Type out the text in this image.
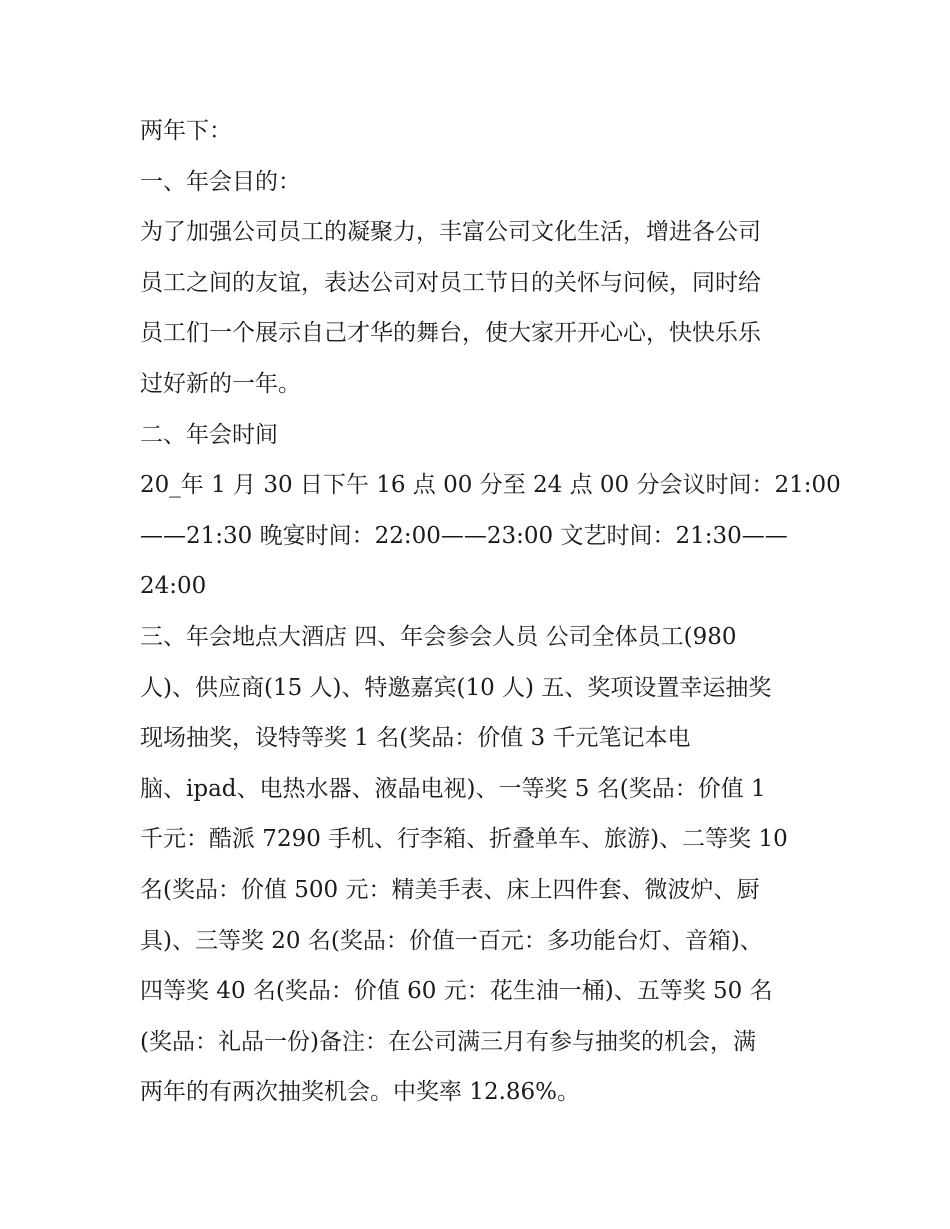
两年下：
一、年会目的：
为了加强公司员工的凝聚力，丰富公司文化生活，增进各公司
员工之间的友谊，表达公司对员工节日的关怀与问候，同时给
员工们一个展示自己才华的舞台，使大家开开心心，快快乐乐
过好新的一年。
二、年会时间
20_年 1 月 30 日下午 16 点 00 分至 24 点 00 分会议时间：21:00
——21:30 晚宴时间：22:00——23:00 文艺时间：21:30——
24:00
三、年会地点大酒店 四、年会参会人员 公司全体员工(980
人)、供应商(15 人)、特邀嘉宾(10 人) 五、奖项设置幸运抽奖
现场抽奖，设特等奖 1 名(奖品：价值 3 千元笔记本电
脑、ipad、电热水器、液晶电视)、一等奖 5 名(奖品：价值 1
千元：酷派 7290 手机、行李箱、折叠单车、旅游)、二等奖 10
名(奖品：价值 500 元：精美手表、床上四件套、微波炉、厨
具)、三等奖 20 名(奖品：价值一百元：多功能台灯、音箱)、
四等奖 40 名(奖品：价值 60 元：花生油一桶)、五等奖 50 名
(奖品：礼品一份)备注：在公司满三月有参与抽奖的机会，满
两年的有两次抽奖机会。中奖率 12.86%。
